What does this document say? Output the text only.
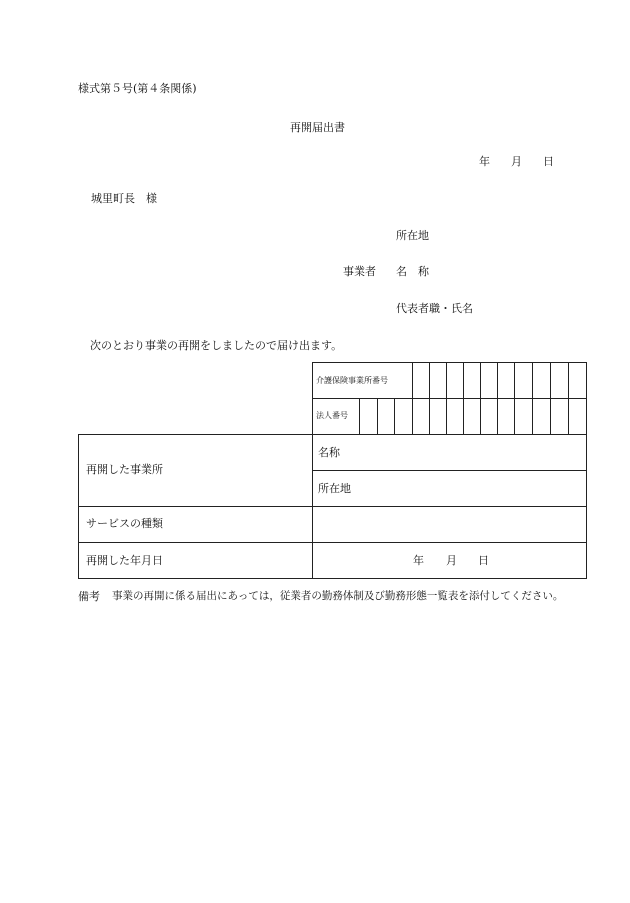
様式第５号(第４条関係)
再開届出書
年 月 日
城里町長　様
所在地
事業者 名　称
代表者職・氏名
次のとおり事業の再開をしましたので届け出ます。
介護保険事業所番号
法人番号
再開した事業所
名称
所在地
サービスの種類
再開した年月日	年 月 日
備考 事業の再開に係る届出にあっては，従業者の勤務体制及び勤務形態一覧表を添付してください。
